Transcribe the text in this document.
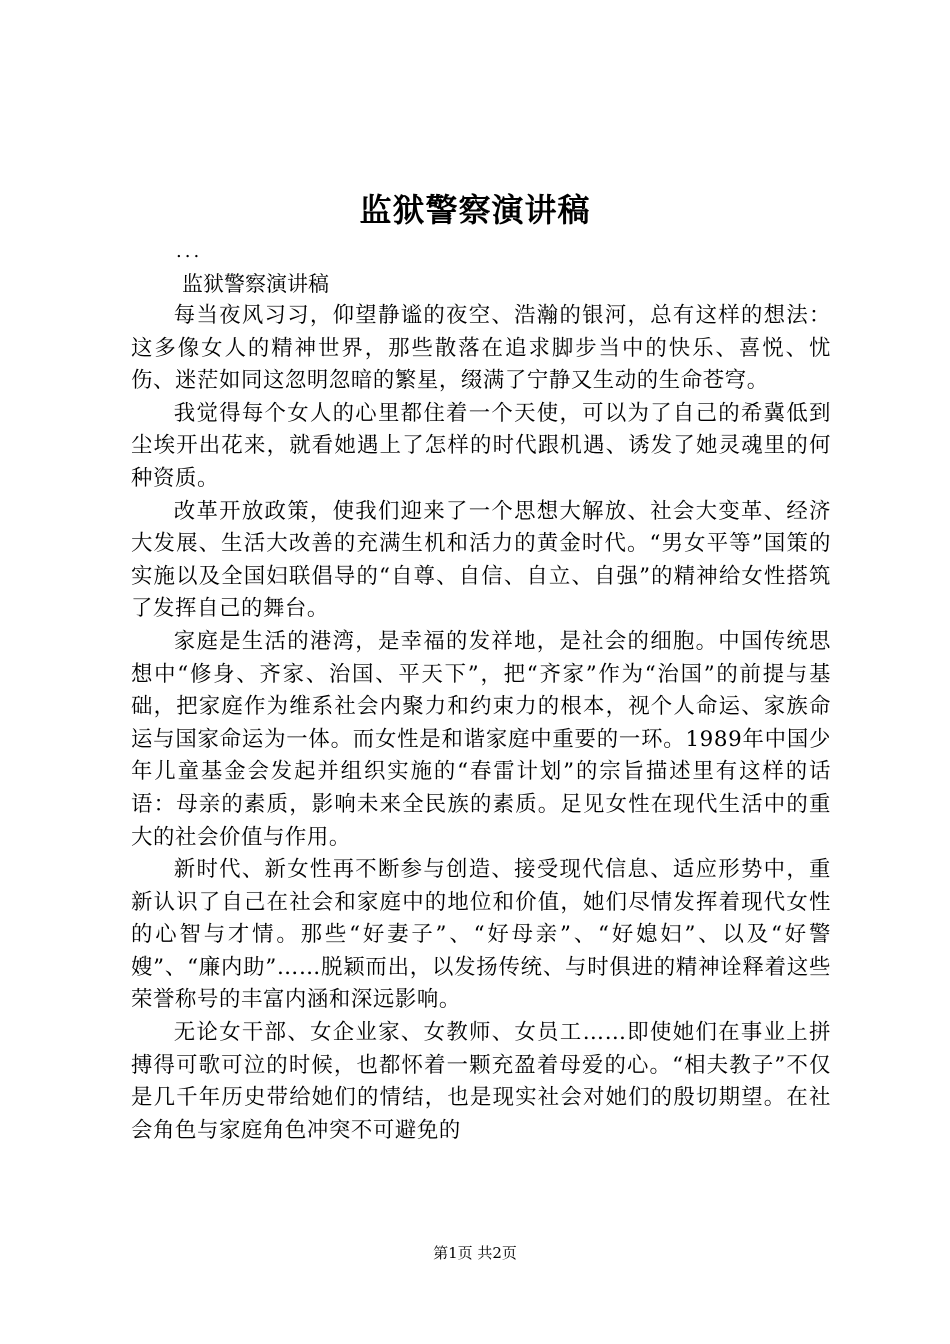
监狱警察演讲稿
...
监狱警察演讲稿

每当夜风习习，仰望静谧的夜空、浩瀚的银河，总有这样的想法：这多像女人的精神世界，那些散落在追求脚步当中的快乐、喜悦、忧伤、迷茫如同这忽明忽暗的繁星，缀满了宁静又生动的生命苍穹。

我觉得每个女人的心里都住着一个天使，可以为了自己的希冀低到尘埃开出花来，就看她遇上了怎样的时代跟机遇、诱发了她灵魂里的何种资质。

改革开放政策，使我们迎来了一个思想大解放、社会大变革、经济大发展、生活大改善的充满生机和活力的黄金时代。“男女平等”国策的实施以及全国妇联倡导的“自尊、自信、自立、自强”的精神给女性搭筑了发挥自己的舞台。

家庭是生活的港湾，是幸福的发祥地，是社会的细胞。中国传统思想中“修身、齐家、治国、平天下”，把“齐家”作为“治国”的前提与基础，把家庭作为维系社会内聚力和约束力的根本，视个人命运、家族命运与国家命运为一体。而女性是和谐家庭中重要的一环。1989年中国少年儿童基金会发起并组织实施的“春雷计划”的宗旨描述里有这样的话语：母亲的素质，影响未来全民族的素质。足见女性在现代生活中的重大的社会价值与作用。

新时代、新女性再不断参与创造、接受现代信息、适应形势中，重新认识了自己在社会和家庭中的地位和价值，她们尽情发挥着现代女性的心智与才情。那些“好妻子”、“好母亲”、“好媳妇”、以及“好警嫂”、“廉内助”……脱颖而出，以发扬传统、与时俱进的精神诠释着这些荣誉称号的丰富内涵和深远影响。

无论女干部、女企业家、女教师、女员工……即使她们在事业上拼搏得可歌可泣的时候，也都怀着一颗充盈着母爱的心。“相夫教子”不仅是几千年历史带给她们的情结，也是现实社会对她们的殷切期望。在社会角色与家庭角色冲突不可避免的

第1页 共2页
